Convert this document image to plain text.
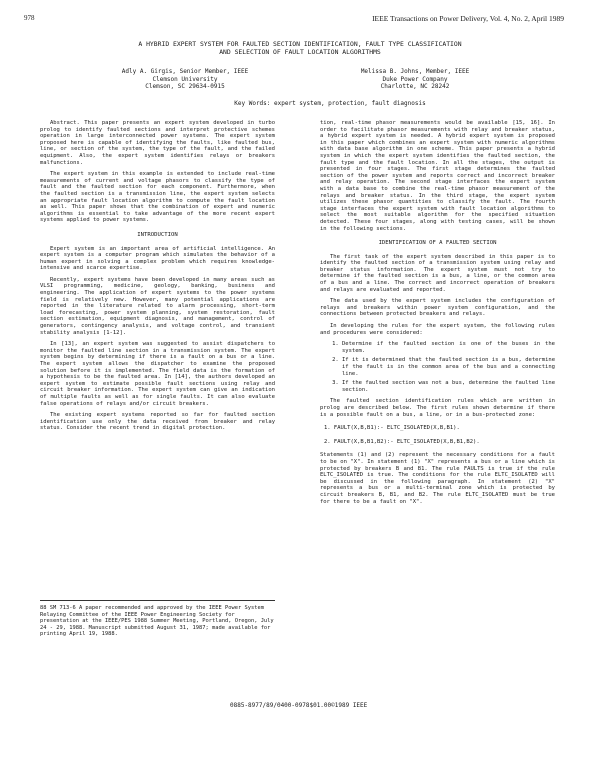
978	IEEE Transactions on Power Delivery, Vol. 4, No. 2, April 1989
A HYBRID EXPERT SYSTEM FOR FAULTED SECTION IDENTIFICATION, FAULT TYPE CLASSIFICATION
AND SELECTION OF FAULT LOCATION ALGORITHMS
Adly A. Girgis, Senior Member, IEEE
Clemson University
Clemson, SC 29634-0915
Melissa B. Johns, Member, IEEE
Duke Power Company
Charlotte, NC 28242
Key Words: expert system, protection, fault diagnosis

Abstract. This paper presents an expert system developed in turbo prolog to identify faulted sections and interpret protective schemes operation in large interconnected power systems. The expert system proposed here is capable of identifying the faults, like faulted bus, line, or section of the system, the type of the fault, and the failed equipment. Also, the expert system identifies relays or breakers malfunctions.

The expert system in this example is extended to include real-time measurements of current and voltage phasors to classify the type of fault and the faulted section for each component. Furthermore, when the faulted section is a transmission line, the expert system selects an appropriate fault location algorithm to compute the fault location as well. This paper shows that the combination of expert and numeric algorithms is essential to take advantage of the more recent expert systems applied to power systems.

INTRODUCTION

Expert system is an important area of artificial intelligence. An expert system is a computer program which simulates the behavior of a human expert in solving a complex problem which requires knowledge-intensive and scarce expertise.

Recently, expert systems have been developed in many areas such as VLSI programming, medicine, geology, banking, business and engineering. The application of expert systems to the power systems field is relatively new. However, many potential applications are reported in the literature related to alarm processing, short-term load forecasting, power system planning, system restoration, fault section estimation, equipment diagnosis, and management, control of generators, contingency analysis, and voltage control, and transient stability analysis [1-12].

In [13], an expert system was suggested to assist dispatchers to monitor the faulted line section in a transmission system. The expert system begins by determining if there is a fault on a bus or a line. The expert system allows the dispatcher to examine the proposed solution before it is implemented. The field data is the formation of a hypothesis to be the faulted area. In [14], the authors developed an expert system to estimate possible fault sections using relay and circuit breaker information. The expert system can give an indication of multiple faults as well as for single faults. It can also evaluate false operations of relays and/or circuit breakers.

The existing expert systems reported so far for faulted section identification use only the data received from breaker and relay status. Consider the recent trend in digital protection.

88 SM 713-6 A paper recommended and approved by the IEEE Power System Relaying Committee of the IEEE Power Engineering Society for presentation at the IEEE/PES 1988 Summer Meeting, Portland, Oregon, July 24 - 29, 1988. Manuscript submitted August 31, 1987; made available for printing April 19, 1988.

tion, real-time phasor measurements would be available [15, 16]. In order to facilitate phasor measurements with relay and breaker status, a hybrid expert system is needed. A hybrid expert system is proposed in this paper which combines an expert system with numeric algorithms with data base algorithm in one scheme. This paper presents a hybrid system in which the expert system identifies the faulted section, the fault type and the fault location. In all the stages, the output is presented in four stages. The first stage determines the faulted section of the power system and reports correct and incorrect breaker and relay operation. The second stage interfaces the expert system with a data base to combine the real-time phasor measurement of the relays and breaker status. In the third stage, the expert system utilizes these phasor quantities to classify the fault. The fourth stage interfaces the expert system with fault location algorithms to select the most suitable algorithm for the specified situation detected. These four stages, along with testing cases, will be shown in the following sections.

IDENTIFICATION OF A FAULTED SECTION

The first task of the expert system described in this paper is to identify the faulted section of a transmission system using relay and breaker status information. The expert system must not try to determine if the faulted section is a bus, a line, or the common area of a bus and a line. The correct and incorrect operation of breakers and relays are evaluated and reported.

The data used by the expert system includes the configuration of relays and breakers within power system configuration, and the connections between protected breakers and relays.

In developing the rules for the expert system, the following rules and procedures were considered:

1. Determine if the faulted section is one of the buses in the system.
2. If it is determined that the faulted section is a bus, determine if the fault is in the common area of the bus and a connecting line.
3. If the faulted section was not a bus, determine the faulted line section.

The faulted section identification rules which are written in prolog are described below. The first rules shown determine if there is a possible fault on a bus, a line, or in a bus-protected zone:

1. FAULT(X,B,B1):- ELTC_ISOLATED(X,B,B1).
2. FAULT(X,B,B1,B2):- ELTC_ISOLATED(X,B,B1,B2).

Statements (1) and (2) represent the necessary conditions for a fault to be on "X". In statement (1) "X" represents a bus or a line which is protected by breakers B and B1. The rule FAULTS is true if the rule ELTC_ISOLATED is true. The conditions for the rule ELTC_ISOLATED will be discussed in the following paragraph. In statement (2) "X" represents a bus or a multi-terminal zone which is protected by circuit breakers B, B1, and B2. The rule ELTC_ISOLATED must be true for there to be a fault on "X".

0885-8977/89/0400-0978$01.00©1989 IEEE
